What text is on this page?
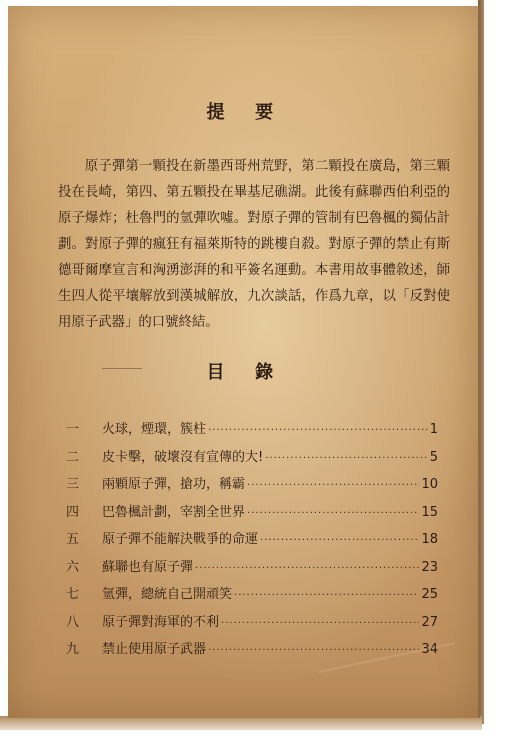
提　要
原子彈第一顆投在新墨西哥州荒野，第二顆投在廣島，第三顆投在長崎，第四、第五顆投在畢基尼礁湖。此後有蘇聯西伯利亞的原子爆炸；杜魯門的氫彈吹噓。對原子彈的管制有巴魯楓的獨佔計劃。對原子彈的瘋狂有福萊斯特的跳樓自殺。對原子彈的禁止有斯德哥爾摩宣言和洶湧澎湃的和平簽名運動。本書用故事體敘述，師生四人從平壤解放到漢城解放，九次談話，作爲九章，以「反對使用原子武器」的口號終結。
目　錄
一	火球，煙環，簇柱 ·····	1
二	皮卡擊，破壞沒有宣傳的大! ·····	5
三	兩顆原子彈，搶功，稱霸 ·····	10
四	巴魯楓計劃，宰割全世界 ·····	15
五	原子彈不能解決戰爭的命運 ·····	18
六	蘇聯也有原子彈 ·····	23
七	氫彈，總統自己開頑笑 ·····	25
八	原子彈對海軍的不利 ·····	27
九	禁止使用原子武器 ·····	34
